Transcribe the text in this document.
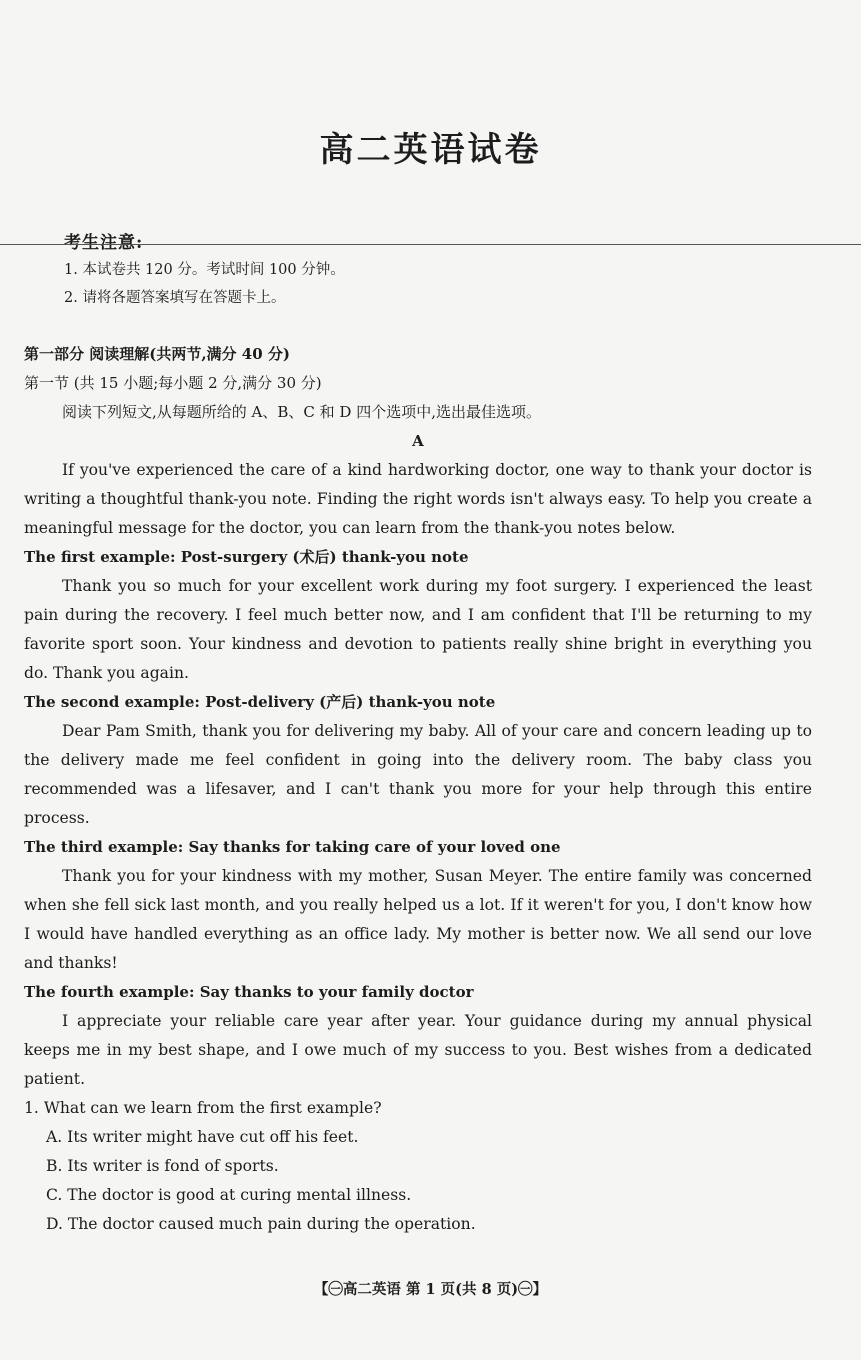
高二英语试卷
考生注意:
1. 本试卷共 120 分。考试时间 100 分钟。
2. 请将各题答案填写在答题卡上。

第一部分 阅读理解(共两节,满分 40 分)

第一节 (共 15 小题;每小题 2 分,满分 30 分)

阅读下列短文,从每题所给的 A、B、C 和 D 四个选项中,选出最佳选项。

A

If you've experienced the care of a kind hardworking doctor, one way to thank your doctor is writing a thoughtful thank-you note. Finding the right words isn't always easy. To help you create a meaningful message for the doctor, you can learn from the thank-you notes below.

The first example: Post-surgery (术后) thank-you note

Thank you so much for your excellent work during my foot surgery. I experienced the least pain during the recovery. I feel much better now, and I am confident that I'll be returning to my favorite sport soon. Your kindness and devotion to patients really shine bright in everything you do. Thank you again.

The second example: Post-delivery (产后) thank-you note

Dear Pam Smith, thank you for delivering my baby. All of your care and concern leading up to the delivery made me feel confident in going into the delivery room. The baby class you recommended was a lifesaver, and I can't thank you more for your help through this entire process.

The third example: Say thanks for taking care of your loved one

Thank you for your kindness with my mother, Susan Meyer. The entire family was concerned when she fell sick last month, and you really helped us a lot. If it weren't for you, I don't know how I would have handled everything as an office lady. My mother is better now. We all send our love and thanks!

The fourth example: Say thanks to your family doctor

I appreciate your reliable care year after year. Your guidance during my annual physical keeps me in my best shape, and I owe much of my success to you. Best wishes from a dedicated patient.

1. What can we learn from the first example?

A. Its writer might have cut off his feet.

B. Its writer is fond of sports.

C. The doctor is good at curing mental illness.

D. The doctor caused much pain during the operation.

【㊀高二英语 第 1 页(共 8 页)㊀】
